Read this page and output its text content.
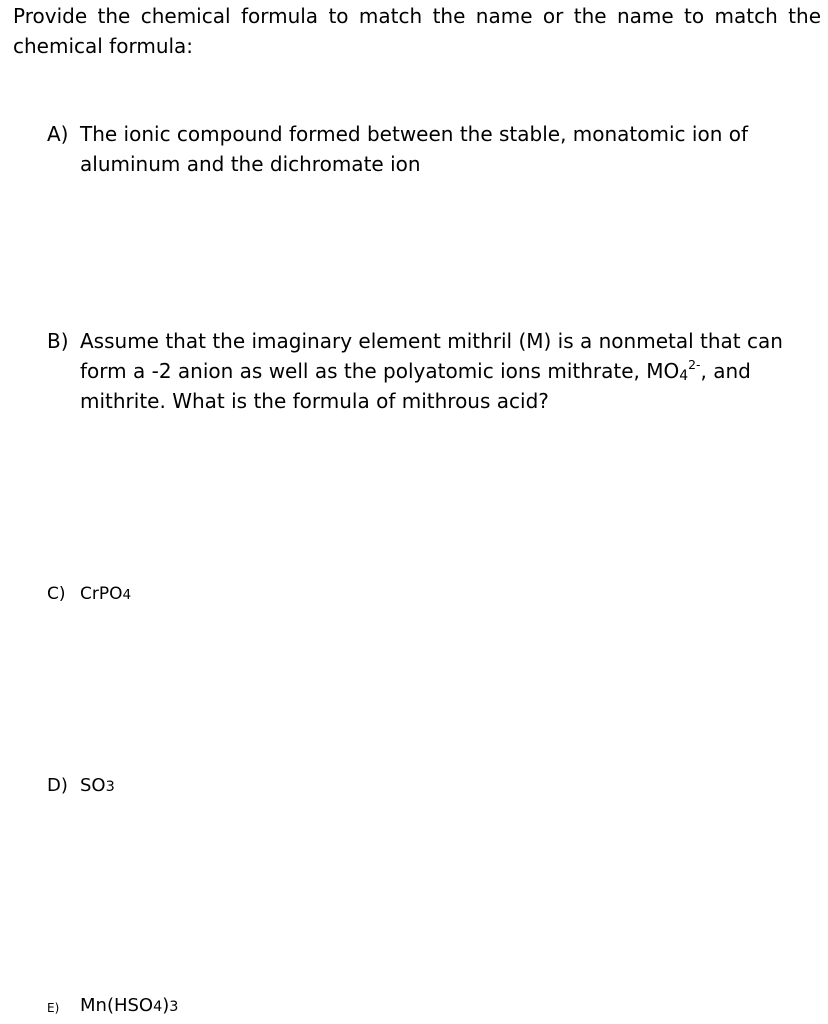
Provide the chemical formula to match the name or the name to match the chemical formula:

A) The ionic compound formed between the stable, monatomic ion of aluminum and the dichromate ion
B) Assume that the imaginary element mithril (M) is a nonmetal that can form a -2 anion as well as the polyatomic ions mithrate, $MO_4^{2-}$, and mithrite. What is the formula of mithrous acid?
C) CrPO4
D) SO3
E) Mn(HSO4)3
